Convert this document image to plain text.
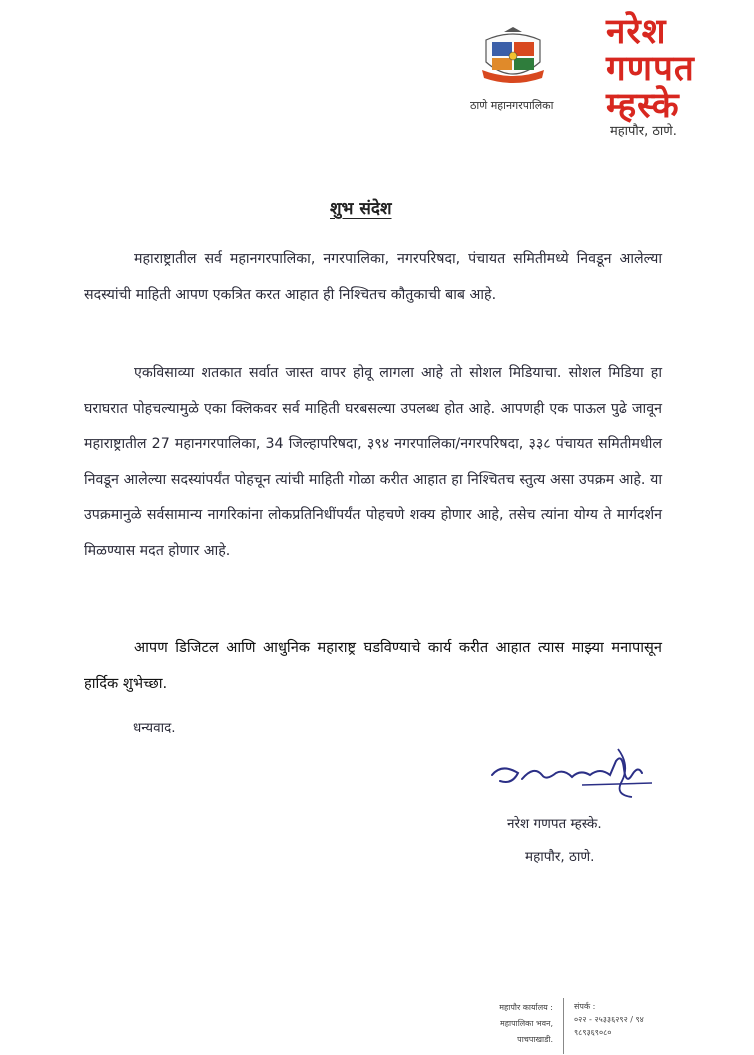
ठाणे महानगरपालिका
नरेश
गणपत
म्हस्के
महापौर, ठाणे.
शुभ संदेश
महाराष्ट्रातील सर्व महानगरपालिका, नगरपालिका, नगरपरिषदा, पंचायत समितीमध्ये निवडून आलेल्या सदस्यांची माहिती आपण एकत्रित करत आहात ही निश्चितच कौतुकाची बाब आहे.
एकविसाव्या शतकात सर्वात जास्त वापर होवू लागला आहे तो सोशल मिडियाचा. सोशल मिडिया हा घराघरात पोहचल्यामुळे एका क्लिकवर सर्व माहिती घरबसल्या उपलब्ध होत आहे. आपणही एक पाऊल पुढे जावून महाराष्ट्रातील 27 महानगरपालिका, 34 जिल्हापरिषदा, ३९४ नगरपालिका/नगरपरिषदा, ३३८ पंचायत समितीमधील निवडून आलेल्या सदस्यांपर्यंत पोहचून त्यांची माहिती गोळा करीत आहात हा निश्चितच स्तुत्य असा उपक्रम आहे. या उपक्रमानुळे सर्वसामान्य नागरिकांना लोकप्रतिनिधींपर्यंत पोहचणे शक्य होणार आहे, तसेच त्यांना योग्य ते मार्गदर्शन मिळण्यास मदत होणार आहे.
आपण डिजिटल आणि आधुनिक महाराष्ट्र घडविण्याचे कार्य करीत आहात त्यास माझ्या मनापासून हार्दिक शुभेच्छा.
धन्यवाद.
नरेश गणपत म्हस्के.
महापौर, ठाणे.
महापौर कार्यालय :
महापालिका भवन,
पाचपाखाडी.
संपर्क :
०२२ - २५३३६२९२ / ९४
९८९३६९०८०
